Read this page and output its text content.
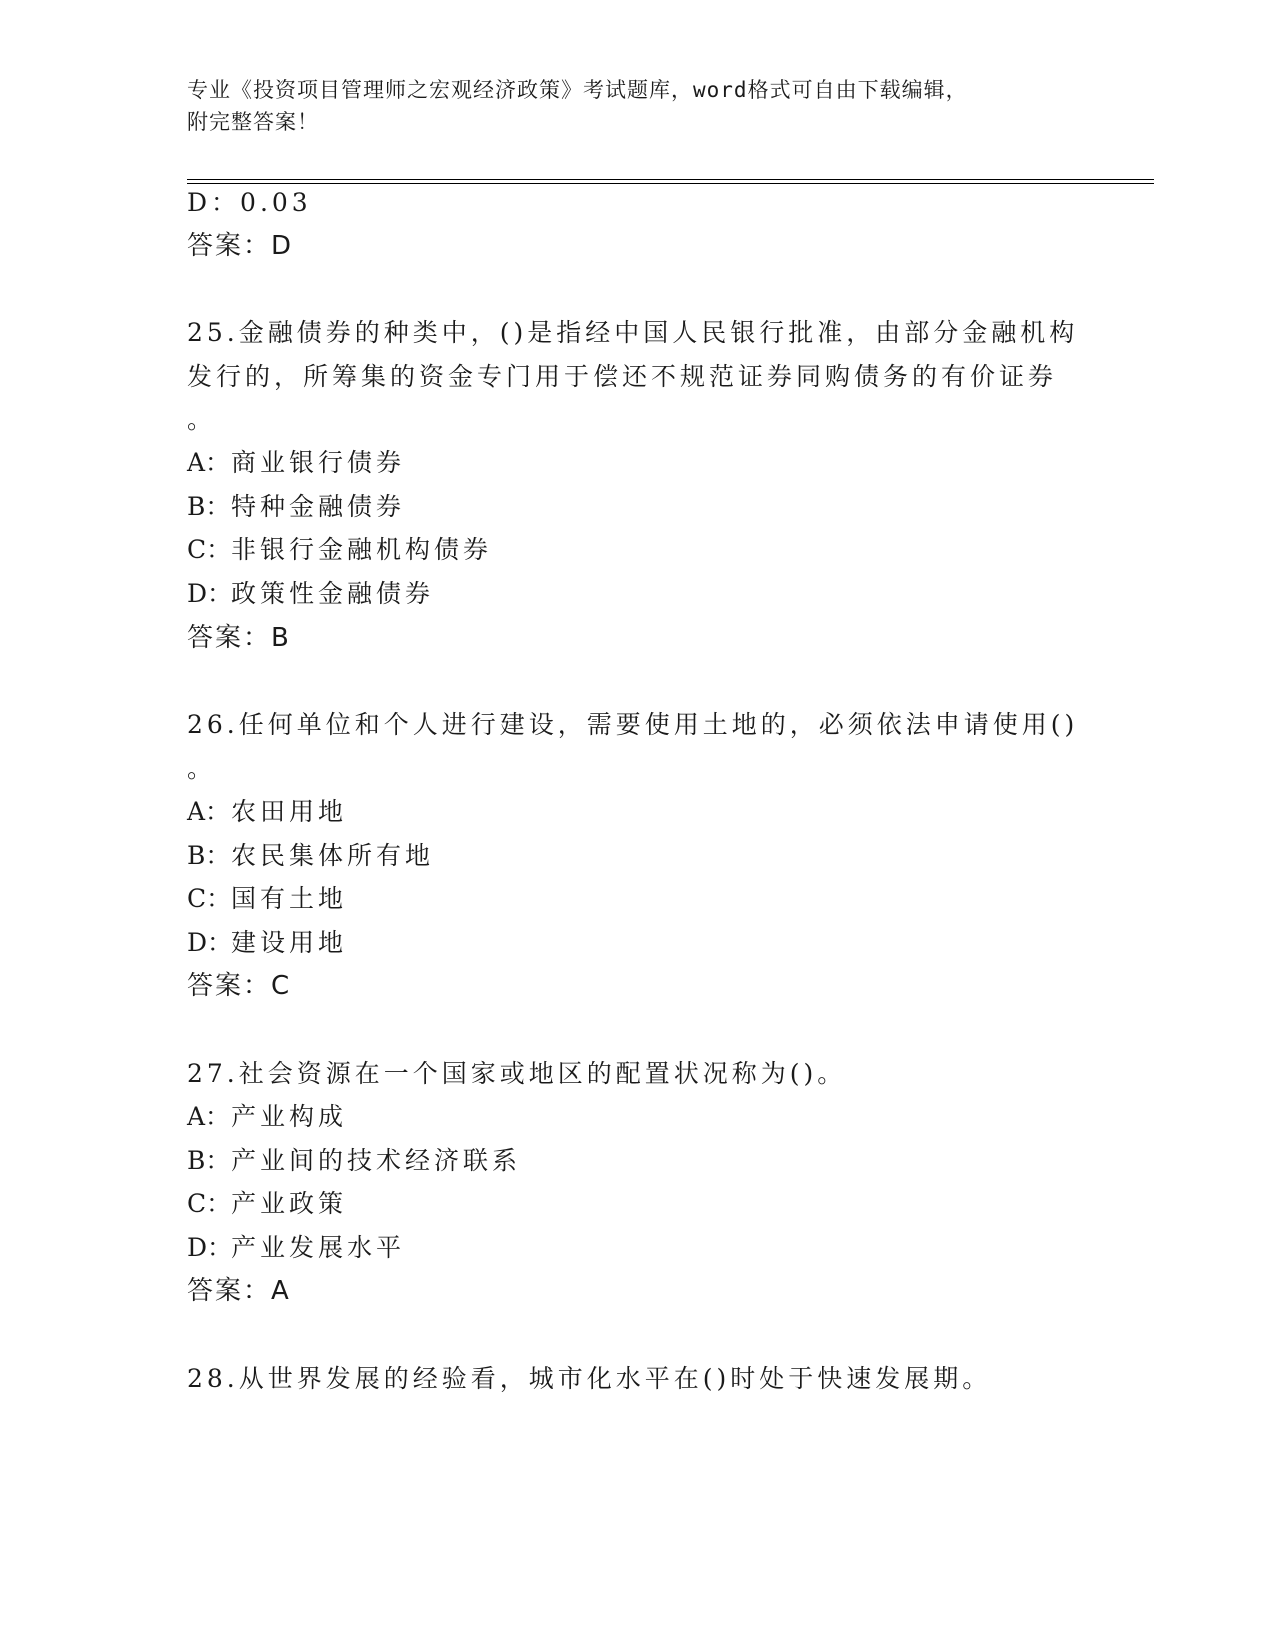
专业《投资项目管理师之宏观经济政策》考试题库，word格式可自由下载编辑，
附完整答案！
D：0.03
答案：D
25.金融债券的种类中，()是指经中国人民银行批准，由部分金融机构
发行的，所筹集的资金专门用于偿还不规范证券同购债务的有价证券
。
A：商业银行债券
B：特种金融债券
C：非银行金融机构债券
D：政策性金融债券
答案：B
26.任何单位和个人进行建设，需要使用土地的，必须依法申请使用()
。
A：农田用地
B：农民集体所有地
C：国有土地
D：建设用地
答案：C
27.社会资源在一个国家或地区的配置状况称为()。
A：产业构成
B：产业间的技术经济联系
C：产业政策
D：产业发展水平
答案：A
28.从世界发展的经验看，城市化水平在()时处于快速发展期。
